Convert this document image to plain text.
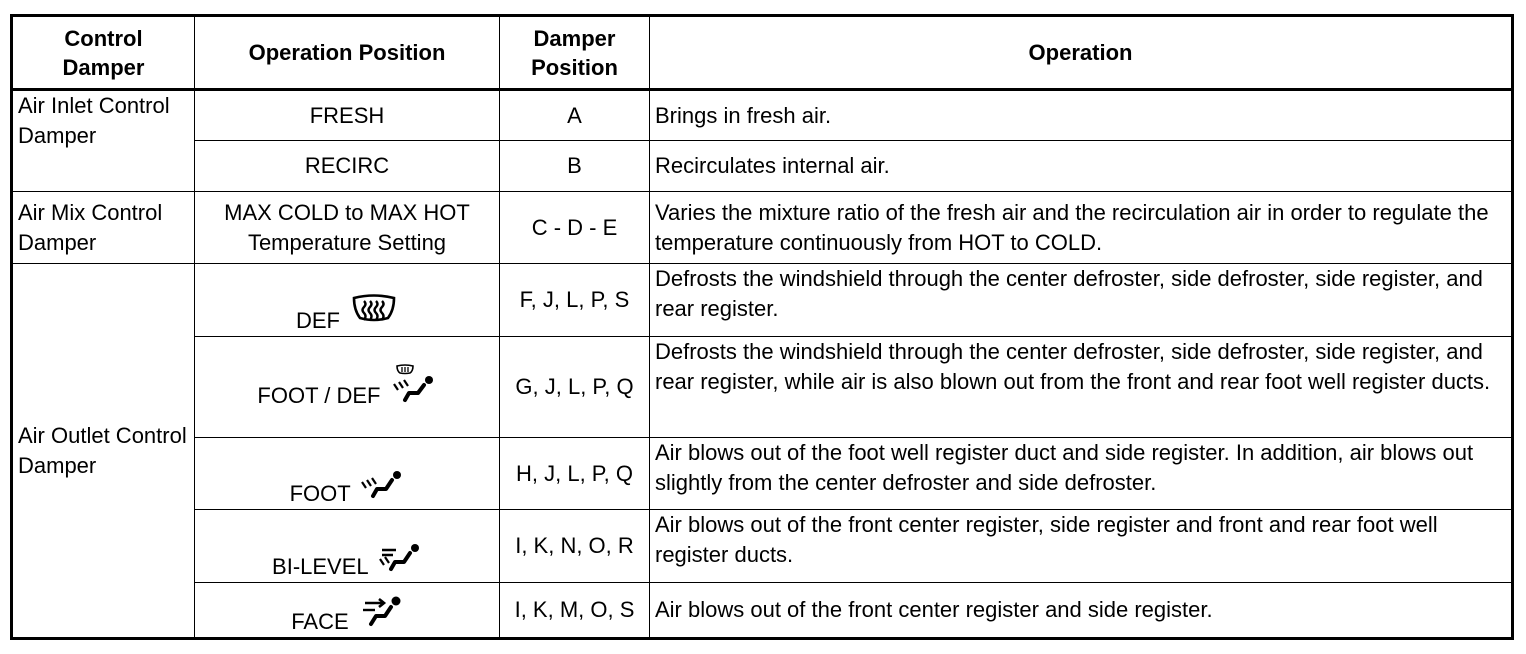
Control Damper	Operation Position	Damper Position	Operation
Air Inlet Control Damper	FRESH	A	Brings in fresh air.
	RECIRC	B	Recirculates internal air.
Air Mix Control Damper	MAX COLD to MAX HOT Temperature Setting	C - D - E	Varies the mixture ratio of the fresh air and the recirculation air in order to regulate the temperature continuously from HOT to COLD.
Air Outlet Control Damper	DEF	F, J, L, P, S	Defrosts the windshield through the center defroster, side defroster, side register, and rear register.
	FOOT / DEF	G, J, L, P, Q	Defrosts the windshield through the center defroster, side defroster, side register, and rear register, while air is also blown out from the front and rear foot well register ducts.
	FOOT	H, J, L, P, Q	Air blows out of the foot well register duct and side register. In addition, air blows out slightly from the center defroster and side defroster.
	BI-LEVEL	I, K, N, O, R	Air blows out of the front center register, side register and front and rear foot well register ducts.
	FACE	I, K, M, O, S	Air blows out of the front center register and side register.
